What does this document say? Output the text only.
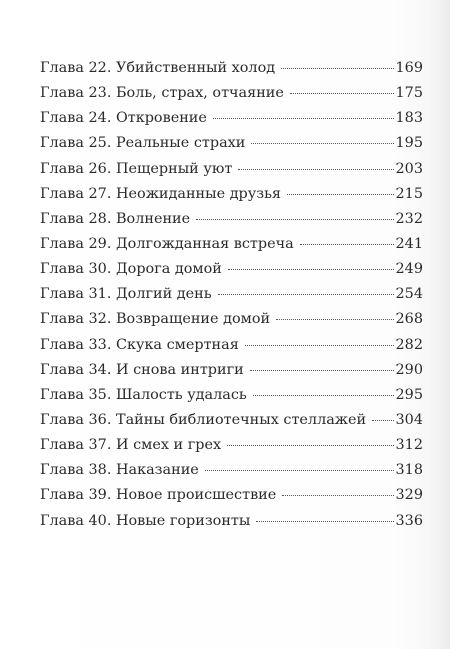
Глава 22. Убийственный холод	169
Глава 23. Боль, страх, отчаяние	175
Глава 24. Откровение	183
Глава 25. Реальные страхи	195
Глава 26. Пещерный уют	203
Глава 27. Неожиданные друзья	215
Глава 28. Волнение	232
Глава 29. Долгожданная встреча	241
Глава 30. Дорога домой	249
Глава 31. Долгий день	254
Глава 32. Возвращение домой	268
Глава 33. Скука смертная	282
Глава 34. И снова интриги	290
Глава 35. Шалость удалась	295
Глава 36. Тайны библиотечных стеллажей 304
Глава 37. И смех и грех	312
Глава 38. Наказание	318
Глава 39. Новое происшествие	329
Глава 40. Новые горизонты	336
